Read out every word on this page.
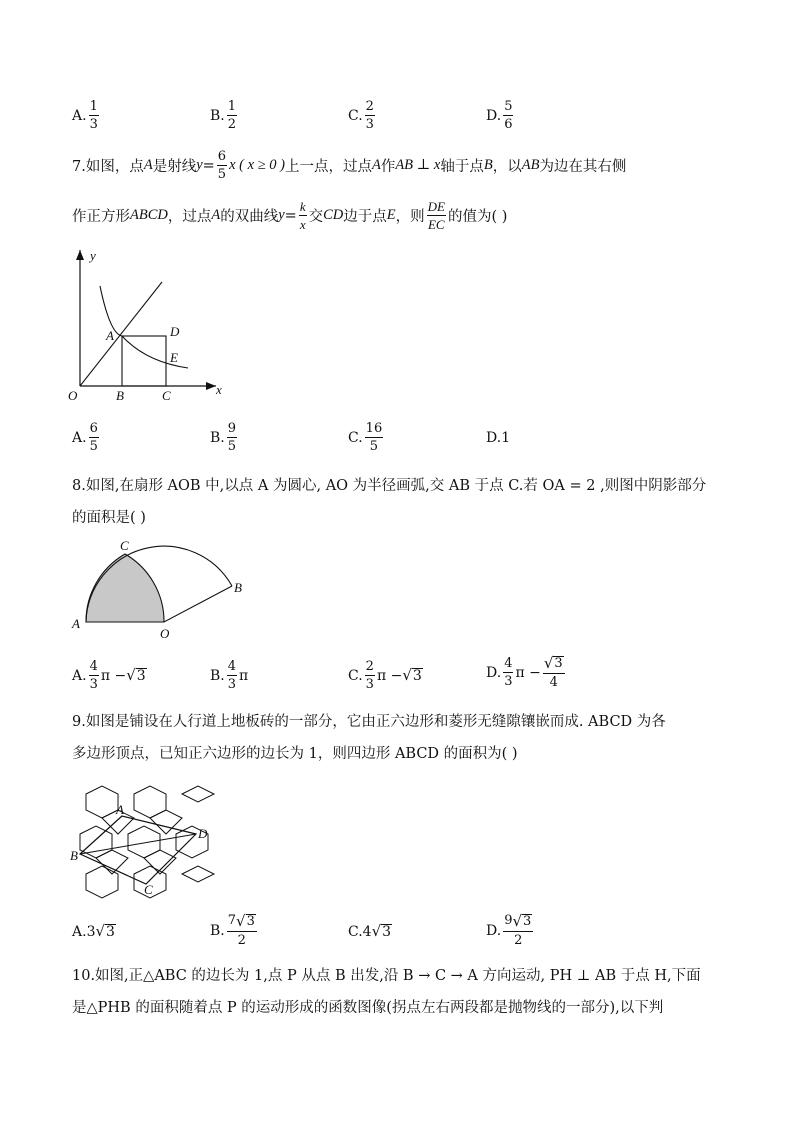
A. $\frac{1}{3}$	B. $\frac{1}{2}$	C. $\frac{2}{3}$	D. $\frac{5}{6}$
7.如图，点 A 是射线 $y = \frac{6}{5}$ x ( x ≥ 0 ) 上一点，过点 A 作 AB ⊥ x 轴于点 B ，以 AB 为边在其右侧
作正方形 ABCD ，过点 A 的双曲线 $y = \frac{k}{x}$ 交 CD 边于点 E ，则 $\frac{DE}{EC}$ 的值为( )
y
x
O
A
B	C
D
E
A. $\frac{6}{5}$	B. $\frac{9}{5}$	C. $\frac{16}{5}$	D. 1
8.如图,在扇形 AOB 中,以点 A 为圆心, AO 为半径画弧,交 AB 于点 C.若 OA = 2 ,则图中阴影部分
的面积是( )
A
O
B
C
A. $\frac{4}{3}$ π − √ 3	B. $\frac{4}{3}$ π	C. $\frac{2}{3}$ π − √ 3	D. $\frac{4}{3}$ $\pi - \frac{√ 3}{4}$
9.如图是铺设在人行道上地板砖的一部分，它由正六边形和菱形无缝隙镶嵌而成. ABCD 为各
多边形顶点，已知正六边形的边长为 1，则四边形 ABCD 的面积为( )
A
B
C
D
A. 3 √ 3	B. $\frac{7 √ 3}{2}$	C. 4 √ 3	D. $\frac{9 √ 3}{2}$
10.如图,正△ABC 的边长为 1,点 P 从点 B 出发,沿 B → C → A 方向运动, PH ⊥ AB 于点 H,下面
是△PHB 的面积随着点 P 的运动形成的函数图像(拐点左右两段都是抛物线的一部分),以下判
